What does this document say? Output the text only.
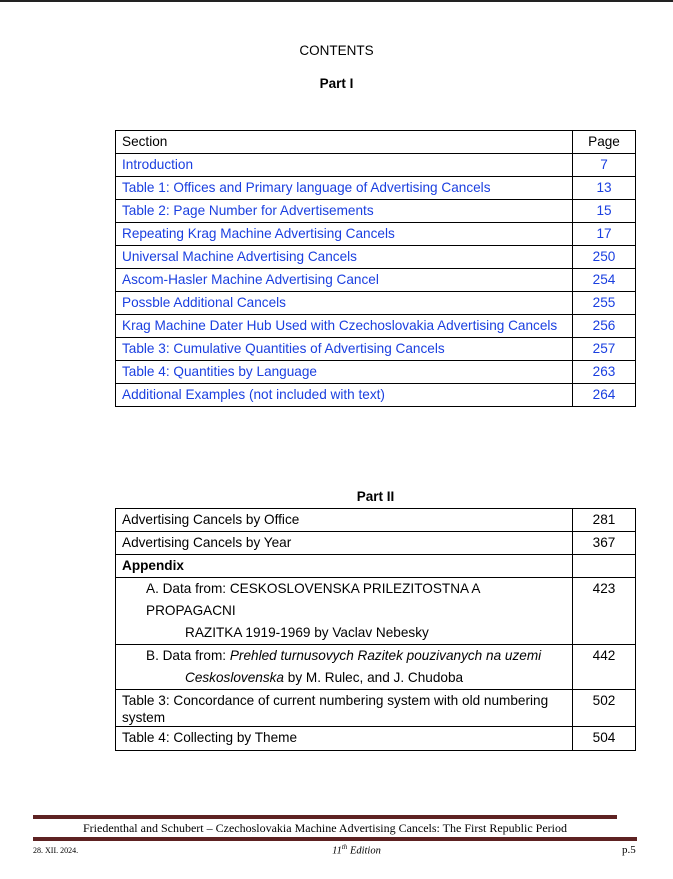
CONTENTS
Part I
Section	Page
Introduction	7
Table 1: Offices and Primary language of Advertising Cancels	13
Table 2: Page Number for Advertisements	15
Repeating Krag Machine Advertising Cancels	17
Universal Machine Advertising Cancels	250
Ascom-Hasler Machine Advertising Cancel	254
Possble Additional Cancels	255
Krag Machine Dater Hub Used with Czechoslovakia Advertising Cancels	256
Table 3: Cumulative Quantities of Advertising Cancels	257
Table 4: Quantities by Language	263
Additional Examples (not included with text)	264
Part II
Advertising Cancels by Office	281
Advertising Cancels by Year	367
Appendix	
A. Data from: CESKOSLOVENSKA PRILEZITOSTNA A PROPAGACNI

RAZITKA 1919-1969 by Vaclav Nebesky	423
B. Data from: Prehled turnusovych Razitek pouzivanych na uzemi

Ceskoslovenska by M. Rulec, and J. Chudoba	442
Table 3: Concordance of current numbering system with old numbering system	502
Table 4: Collecting by Theme	504
Friedenthal and Schubert – Czechoslovakia Machine Advertising Cancels: The First Republic Period
28. XII. 2024.	11th Edition	p.5
